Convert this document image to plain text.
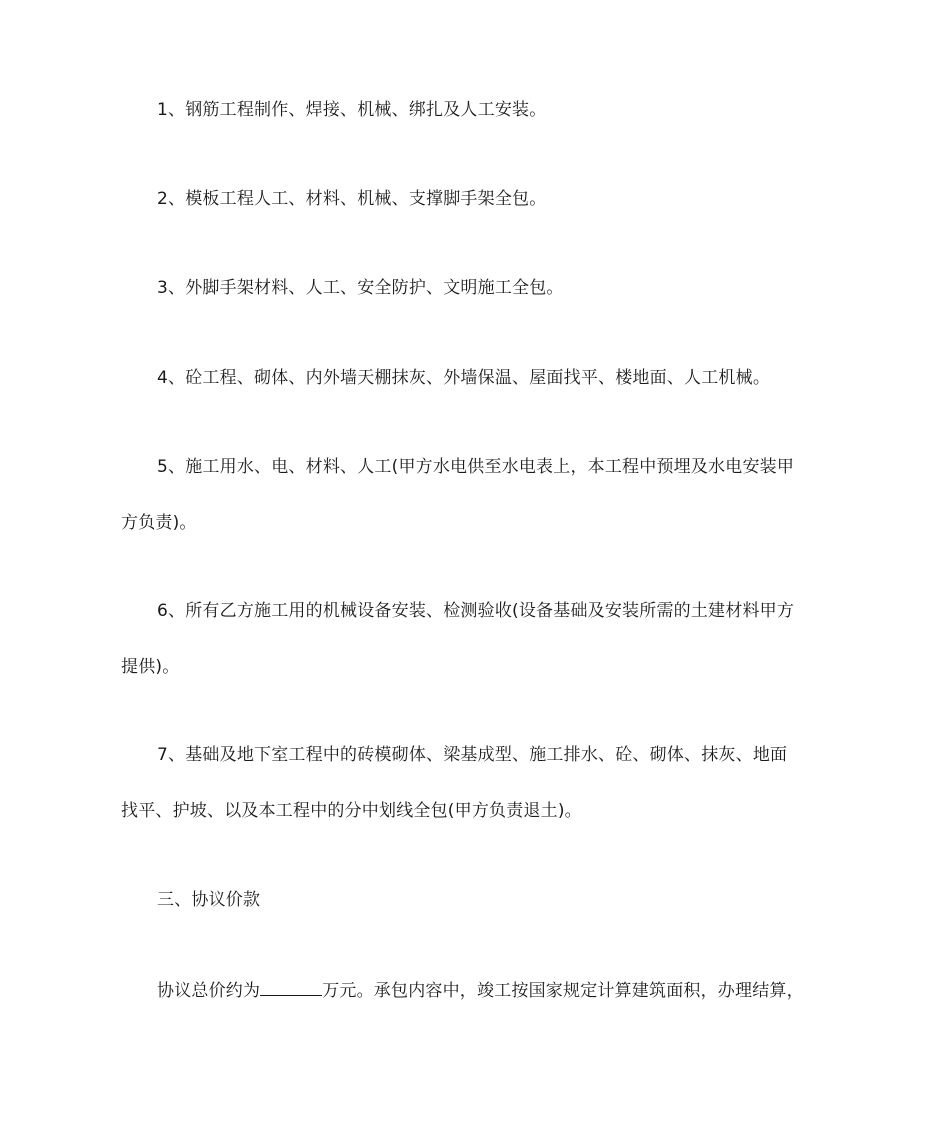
1、钢筋工程制作、焊接、机械、绑扎及人工安装。
2、模板工程人工、材料、机械、支撑脚手架全包。
3、外脚手架材料、人工、安全防护、文明施工全包。
4、砼工程、砌体、内外墙天棚抹灰、外墙保温、屋面找平、楼地面、人工机械。
5、施工用水、电、材料、人工(甲方水电供至水电表上，本工程中预埋及水电安装甲
方负责)。
6、所有乙方施工用的机械设备安装、检测验收(设备基础及安装所需的土建材料甲方
提供)。
7、基础及地下室工程中的砖模砌体、梁基成型、施工排水、砼、砌体、抹灰、地面
找平、护坡、以及本工程中的分中划线全包(甲方负责退土)。
三、协议价款
协议总价约为	万元。承包内容中，竣工按国家规定计算建筑面积，办理结算，
